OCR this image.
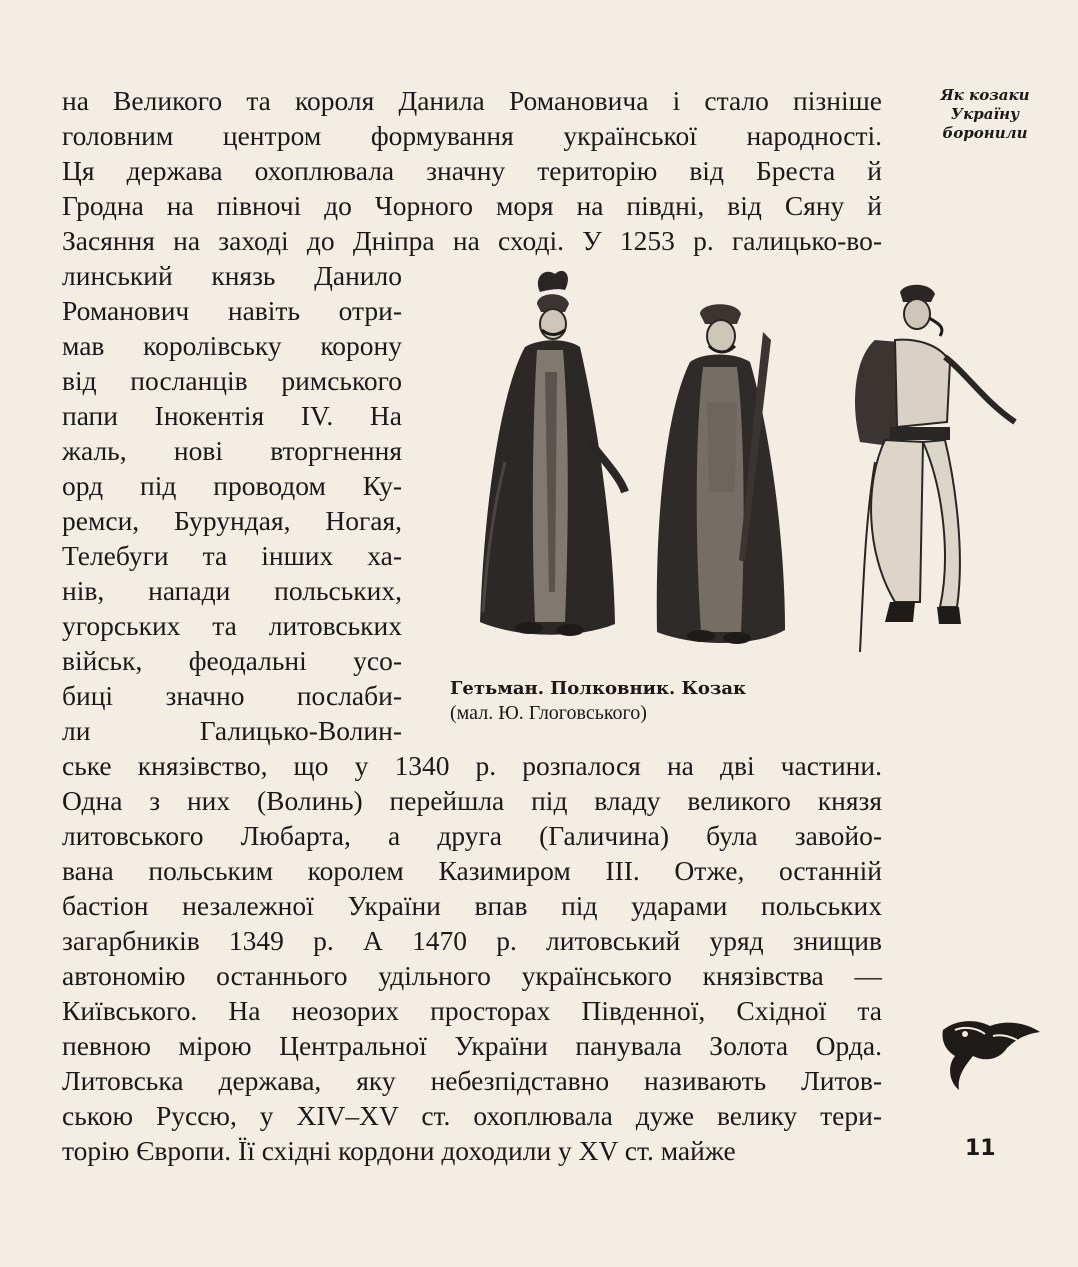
Як козаки
Україну
боронили
на Великого та короля Данила Романовича і стало пізніше
головним центром формування української народності.
Ця держава охоплювала значну територію від Бреста й
Гродна на півночі до Чорного моря на півдні, від Сяну й
Засяння на заході до Дніпра на сході. У 1253 р. галицько-во-
линський князь Данило
Романович навіть отри-
мав королівську корону
від посланців римського
папи Інокентія IV. На
жаль, нові вторгнення
орд під проводом Ку-
ремси, Бурундая, Ногая,
Телебуги та інших ха-
нів, напади польських,
угорських та литовських
військ, феодальні усо-
биці значно послаби-
ли Галицько-Волин-
ське князівство, що у 1340 р. розпалося на дві частини.
Одна з них (Волинь) перейшла під владу великого князя
литовського Любарта, а друга (Галичина) була завойо-
вана польським королем Казимиром III. Отже, останній
бастіон незалежної України впав під ударами польських
загарбників 1349 р. А 1470 р. литовський уряд знищив
автономію останнього удільного українського князівства —
Київського. На неозорих просторах Південної, Східної та
певною мірою Центральної України панувала Золота Орда.
Литовська держава, яку небезпідставно називають Литов-
ською Руссю, у XIV–XV ст. охоплювала дуже велику тери-
торію Європи. Її східні кордони доходили у XV ст. майже
Гетьман. Полковник. Козак
(мал. Ю. Глоговського)
11
